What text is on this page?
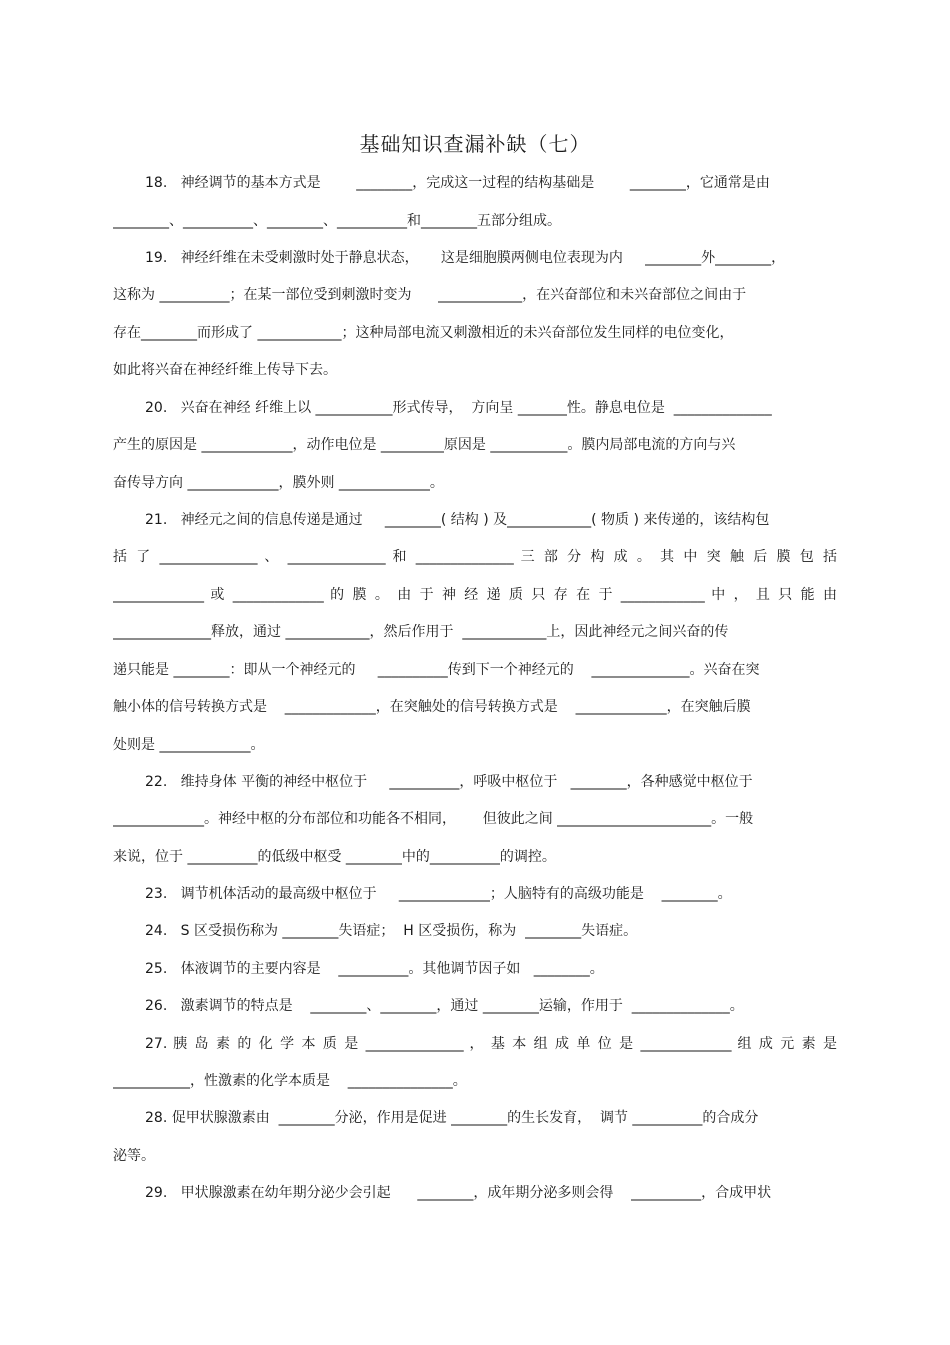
基础知识查漏补缺（七）
18.   神经调节的基本方式是        ________，完成这一过程的结构基础是        ________，它通常是由
________、__________、________、__________和________五部分组成。
19.   神经纤维在未受刺激时处于静息状态，     这是细胞膜两侧电位表现为内     ________外________，
这称为 __________；在某一部位受到刺激时变为      ____________，在兴奋部位和未兴奋部位之间由于
存在________而形成了 ____________；这种局部电流又刺激相近的未兴奋部位发生同样的电位变化，
如此将兴奋在神经纤维上传导下去。
20.   兴奋在神经 纤维上以 ___________形式传导，  方向呈 _______性。静息电位是  ______________
产生的原因是 _____________，动作电位是 _________原因是 ___________。膜内局部电流的方向与兴
奋传导方向 _____________，膜外则 _____________。
21.   神经元之间的信息传递是通过     ________( 结构 ) 及____________( 物质 ) 来传递的，该结构包
括 了 ______________ 、 ______________ 和 ______________ 三 部 分 构 成 。 其 中 突 触 后 膜 包 括
_____________ 或 _____________ 的 膜 。 由 于 神 经 递 质 只 存 在 于 ____________ 中 ， 且 只 能 由
______________释放，通过 ____________，然后作用于  ____________上，因此神经元之间兴奋的传
递只能是 ________：即从一个神经元的     __________传到下一个神经元的    ______________。兴奋在突
触小体的信号转换方式是    _____________，在突触处的信号转换方式是    _____________，在突触后膜
处则是 _____________。
22.   维持身体 平衡的神经中枢位于     __________，呼吸中枢位于   ________，各种感觉中枢位于
_____________。神经中枢的分布部位和功能各不相同，      但彼此之间 ______________________。一般
来说，位于 __________的低级中枢受 ________中的__________的调控。
23.   调节机体活动的最高级中枢位于     _____________；人脑特有的高级功能是    ________。
24.   S 区受损伤称为 ________失语症；  H 区受损伤，称为  ________失语症。
25.   体液调节的主要内容是    __________。其他调节因子如   ________。
26.   激素调节的特点是    ________、________，通过 ________运输，作用于  ______________。
27. 胰 岛 素 的 化 学 本 质 是 ______________ ， 基 本 组 成 单 位 是 _____________ 组 成 元 素 是
___________，性激素的化学本质是    _______________。
28. 促甲状腺激素由  ________分泌，作用是促进 ________的生长发育，  调节 __________的合成分
泌等。
29.   甲状腺激素在幼年期分泌少会引起      ________，成年期分泌多则会得    __________，合成甲状
